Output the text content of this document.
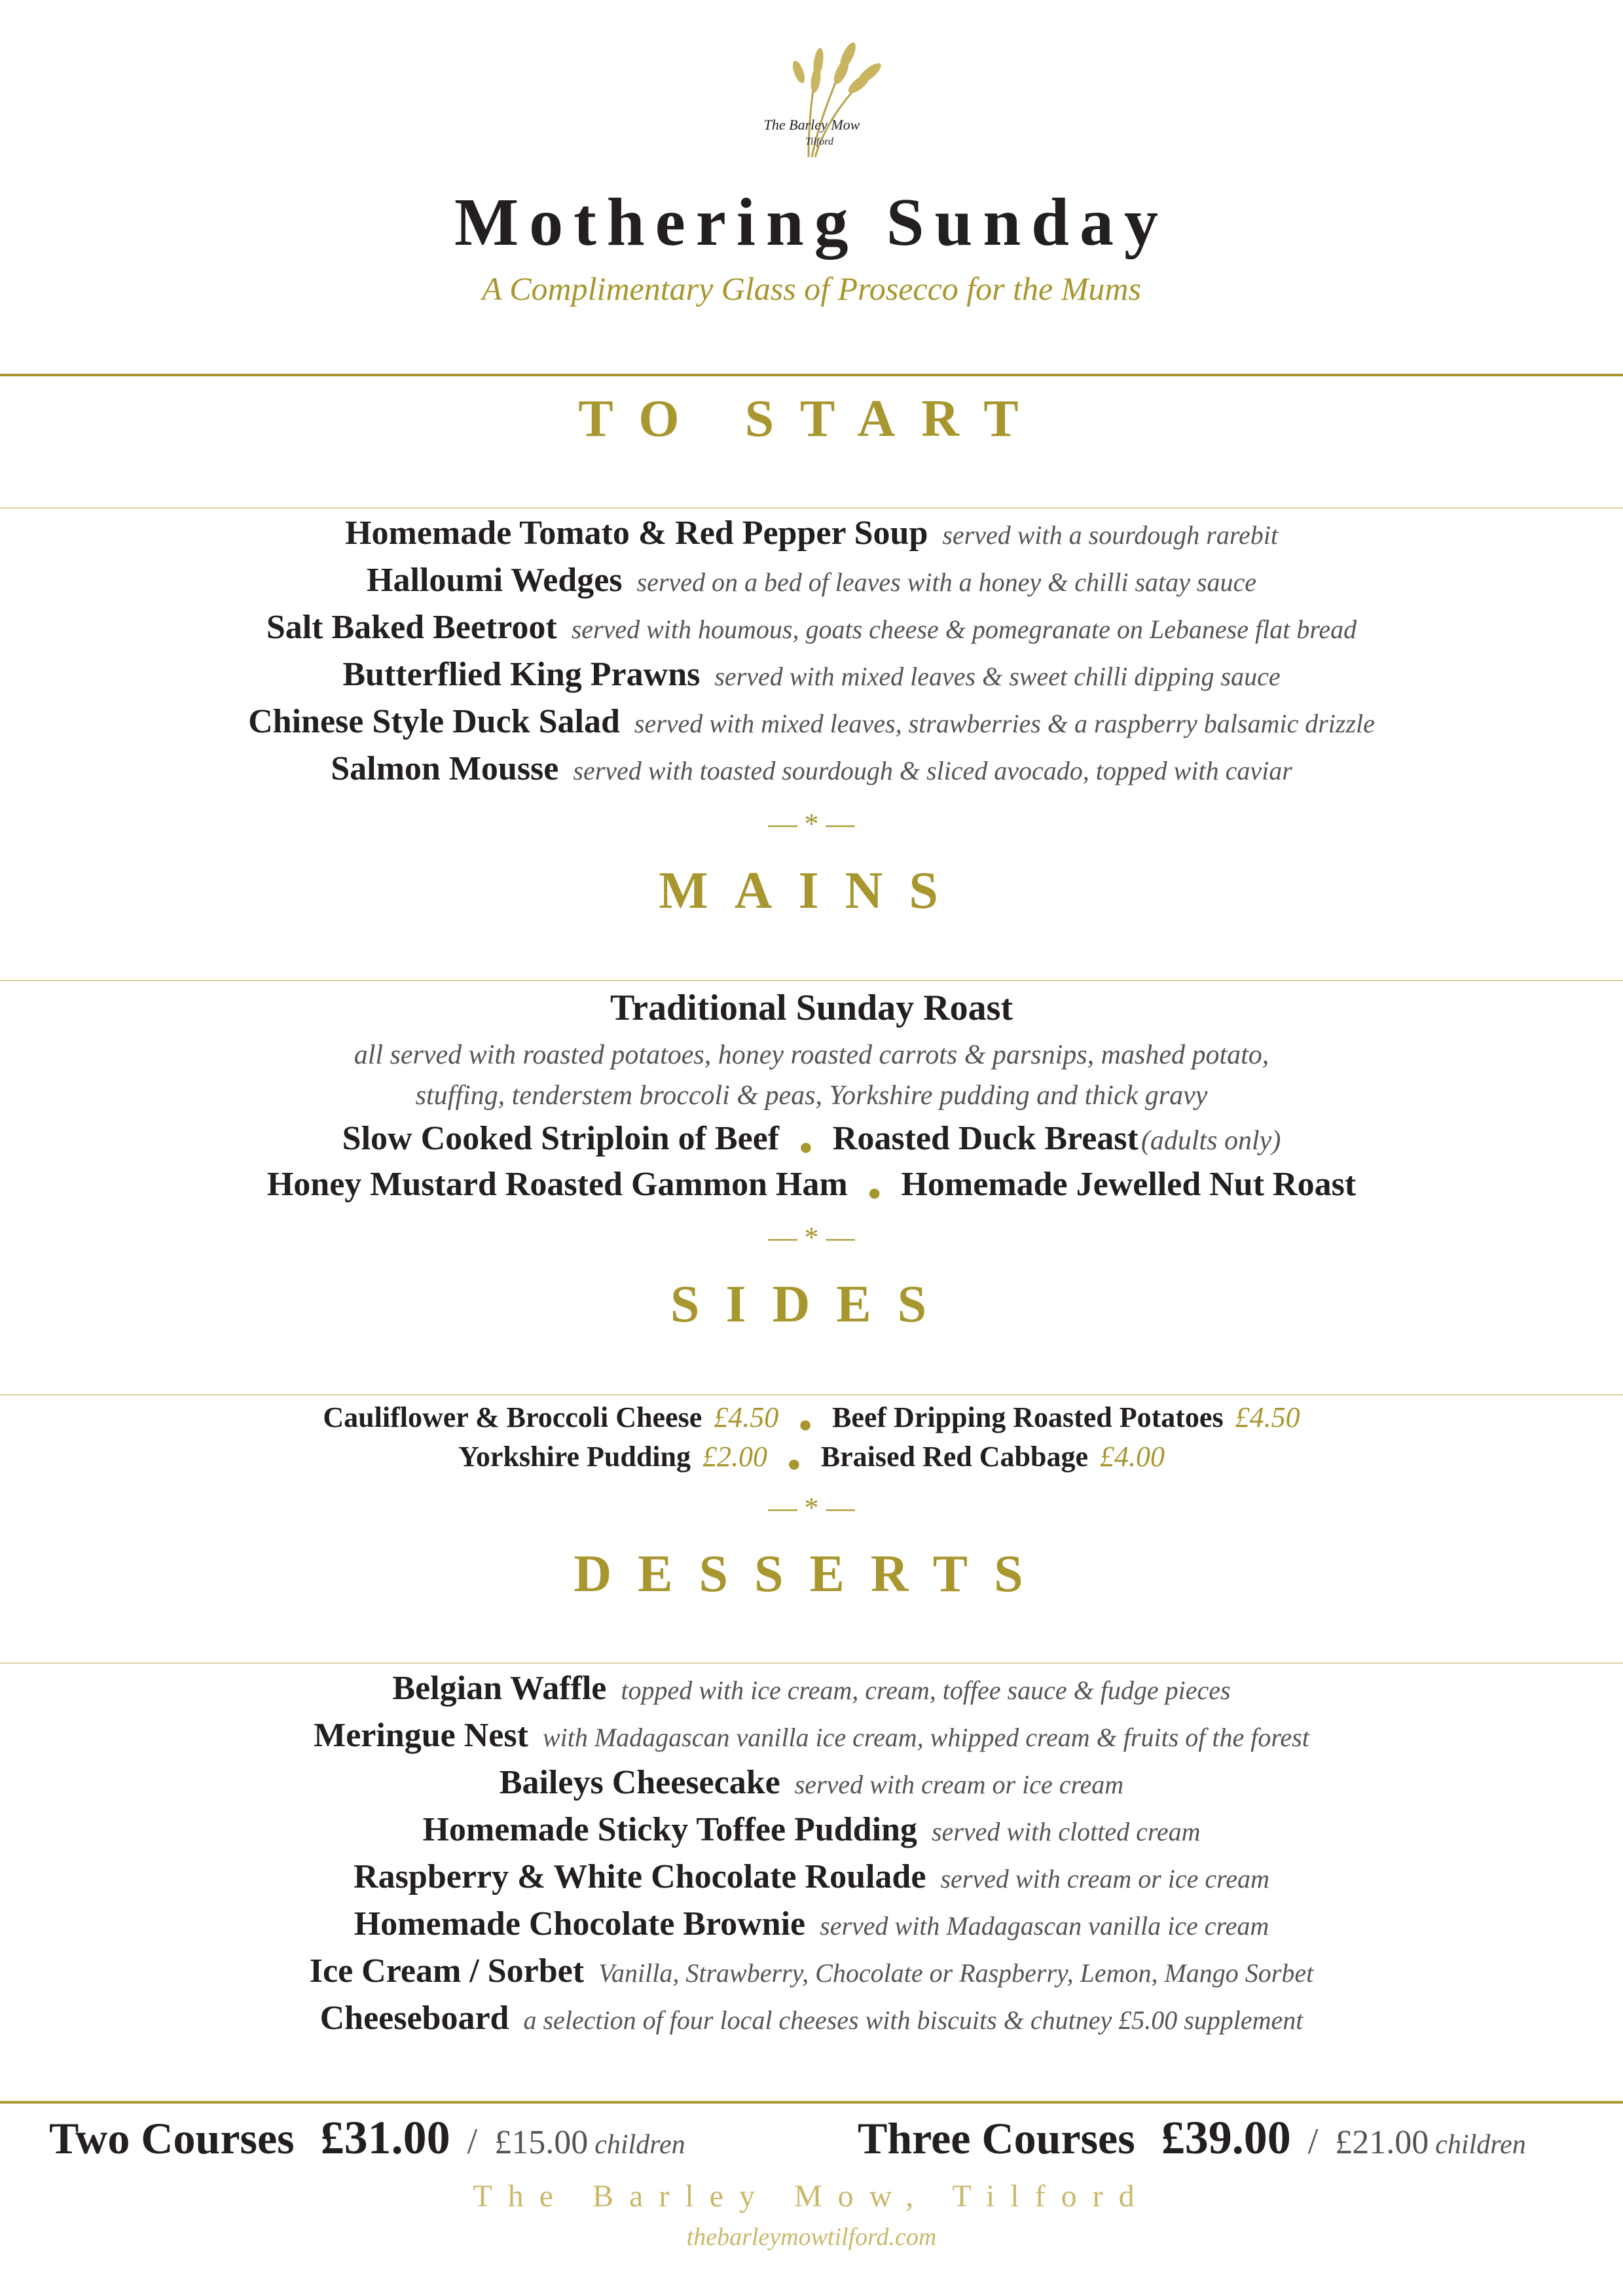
The Barley Mow
Tilford
Mothering Sunday
A Complimentary Glass of Prosecco for the Mums
TO START
Homemade Tomato & Red Pepper Soup served with a sourdough rarebit
Halloumi Wedges served on a bed of leaves with a honey & chilli satay sauce
Salt Baked Beetroot served with houmous, goats cheese & pomegranate on Lebanese flat bread
Butterflied King Prawns served with mixed leaves & sweet chilli dipping sauce
Chinese Style Duck Salad served with mixed leaves, strawberries & a raspberry balsamic drizzle
Salmon Mousse served with toasted sourdough & sliced avocado, topped with caviar
— * —
MAINS
Traditional Sunday Roast
all served with roasted potatoes, honey roasted carrots & parsnips, mashed potato,
stuffing, tenderstem broccoli & peas, Yorkshire pudding and thick gravy
Slow Cooked Striploin of Beef ● Roasted Duck Breast (adults only)
Honey Mustard Roasted Gammon Ham ● Homemade Jewelled Nut Roast
— * —
SIDES
Cauliflower & Broccoli Cheese £4.50 ● Beef Dripping Roasted Potatoes £4.50
Yorkshire Pudding £2.00 ● Braised Red Cabbage £4.00
— * —
DESSERTS
Belgian Waffle topped with ice cream, cream, toffee sauce & fudge pieces
Meringue Nest with Madagascan vanilla ice cream, whipped cream & fruits of the forest
Baileys Cheesecake served with cream or ice cream
Homemade Sticky Toffee Pudding served with clotted cream
Raspberry & White Chocolate Roulade served with cream or ice cream
Homemade Chocolate Brownie served with Madagascan vanilla ice cream
Ice Cream / Sorbet Vanilla, Strawberry, Chocolate or Raspberry, Lemon, Mango Sorbet
Cheeseboard a selection of four local cheeses with biscuits & chutney £5.00 supplement
Two Courses £31.00 / £15.00 children	Three Courses £39.00 / £21.00 children
The Barley Mow, Tilford
thebarleymowtilford.com
